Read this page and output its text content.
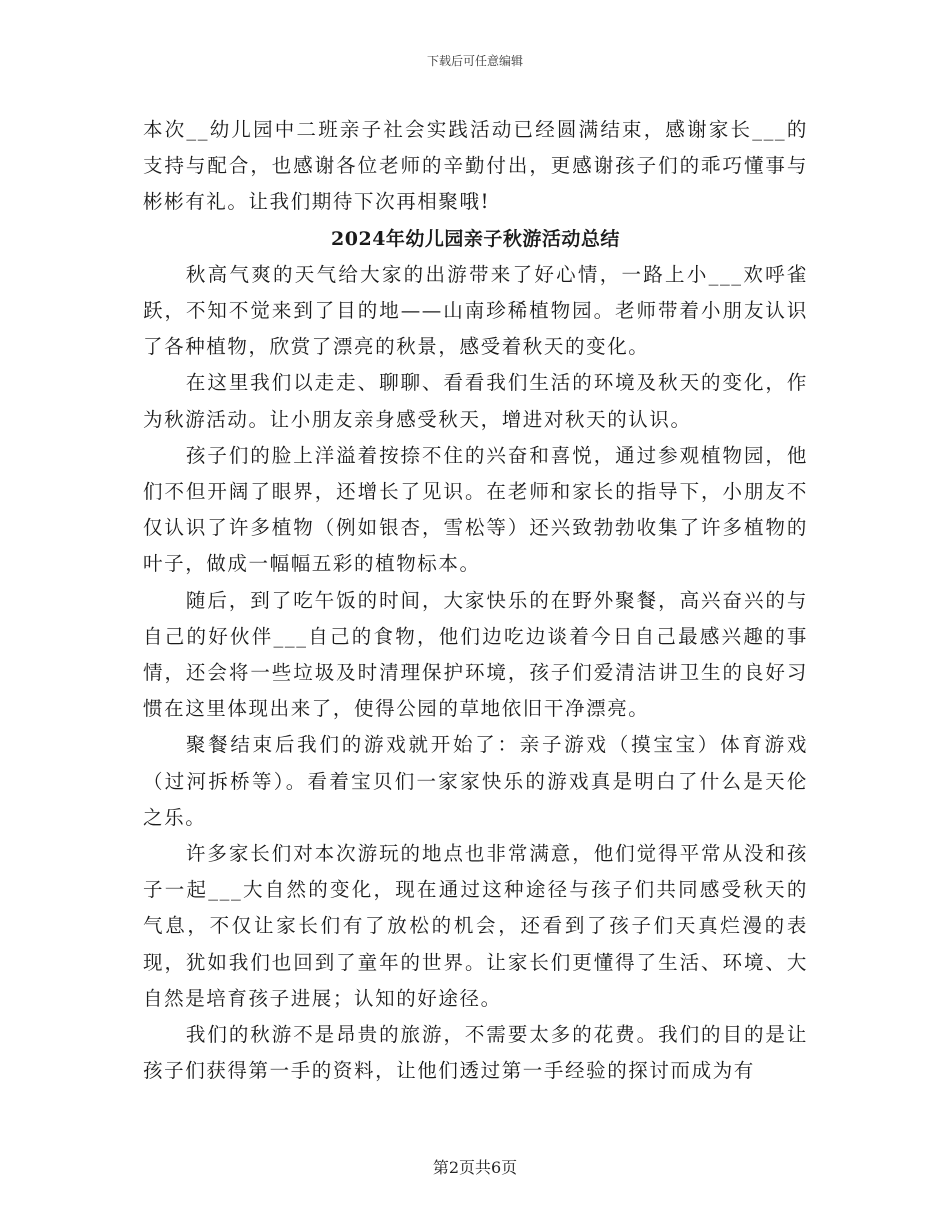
下载后可任意编辑

本次__幼儿园中二班亲子社会实践活动已经圆满结束，感谢家长___的支持与配合，也感谢各位老师的辛勤付出，更感谢孩子们的乖巧懂事与彬彬有礼。让我们期待下次再相聚哦!

2024年幼儿园亲子秋游活动总结

秋高气爽的天气给大家的出游带来了好心情，一路上小___欢呼雀跃，不知不觉来到了目的地——山南珍稀植物园。老师带着小朋友认识了各种植物，欣赏了漂亮的秋景，感受着秋天的变化。

在这里我们以走走、聊聊、看看我们生活的环境及秋天的变化，作为秋游活动。让小朋友亲身感受秋天，增进对秋天的认识。

孩子们的脸上洋溢着按捺不住的兴奋和喜悦，通过参观植物园，他们不但开阔了眼界，还增长了见识。在老师和家长的指导下，小朋友不仅认识了许多植物（例如银杏，雪松等）还兴致勃勃收集了许多植物的叶子，做成一幅幅五彩的植物标本。

随后，到了吃午饭的时间，大家快乐的在野外聚餐，高兴奋兴的与自己的好伙伴___自己的食物，他们边吃边谈着今日自己最感兴趣的事情，还会将一些垃圾及时清理保护环境，孩子们爱清洁讲卫生的良好习惯在这里体现出来了，使得公园的草地依旧干净漂亮。

聚餐结束后我们的游戏就开始了：亲子游戏（摸宝宝）体育游戏（过河拆桥等）。看着宝贝们一家家快乐的游戏真是明白了什么是天伦之乐。

许多家长们对本次游玩的地点也非常满意，他们觉得平常从没和孩子一起___大自然的变化，现在通过这种途径与孩子们共同感受秋天的气息，不仅让家长们有了放松的机会，还看到了孩子们天真烂漫的表现，犹如我们也回到了童年的世界。让家长们更懂得了生活、环境、大自然是培育孩子进展；认知的好途径。

我们的秋游不是昂贵的旅游，不需要太多的花费。我们的目的是让孩子们获得第一手的资料，让他们透过第一手经验的探讨而成为有

第2页共6页
